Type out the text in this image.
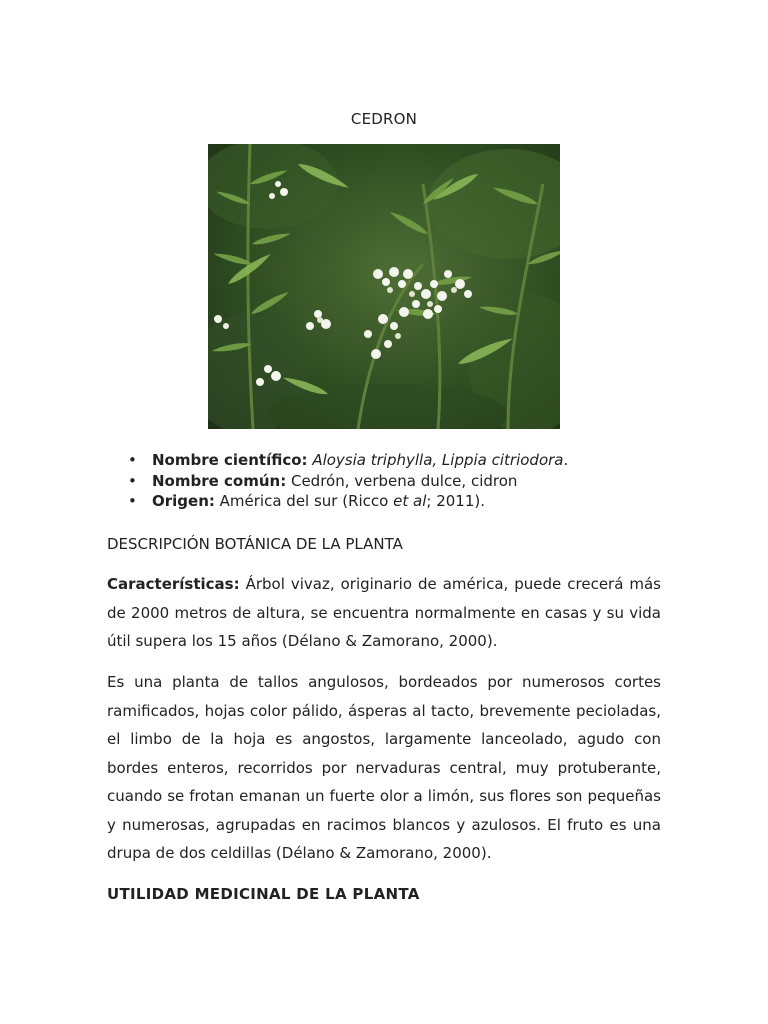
CEDRON
• Nombre científico: Aloysia triphylla, Lippia citriodora.
• Nombre común: Cedrón, verbena dulce, cidron
• Origen: América del sur (Ricco et al; 2011).
DESCRIPCIÓN BOTÁNICA DE LA PLANTA

Características: Árbol vivaz, originario de américa, puede crecerá más de 2000 metros de altura, se encuentra normalmente en casas y su vida útil supera los 15 años (Délano & Zamorano, 2000).

Es una planta de tallos angulosos, bordeados por numerosos cortes ramificados, hojas color pálido, ásperas al tacto, brevemente pecioladas, el limbo de la hoja es angostos, largamente lanceolado, agudo con bordes enteros, recorridos por nervaduras central, muy protuberante, cuando se frotan emanan un fuerte olor a limón, sus flores son pequeñas y numerosas, agrupadas en racimos blancos y azulosos. El fruto es una drupa de dos celdillas (Délano & Zamorano, 2000).

UTILIDAD MEDICINAL DE LA PLANTA
